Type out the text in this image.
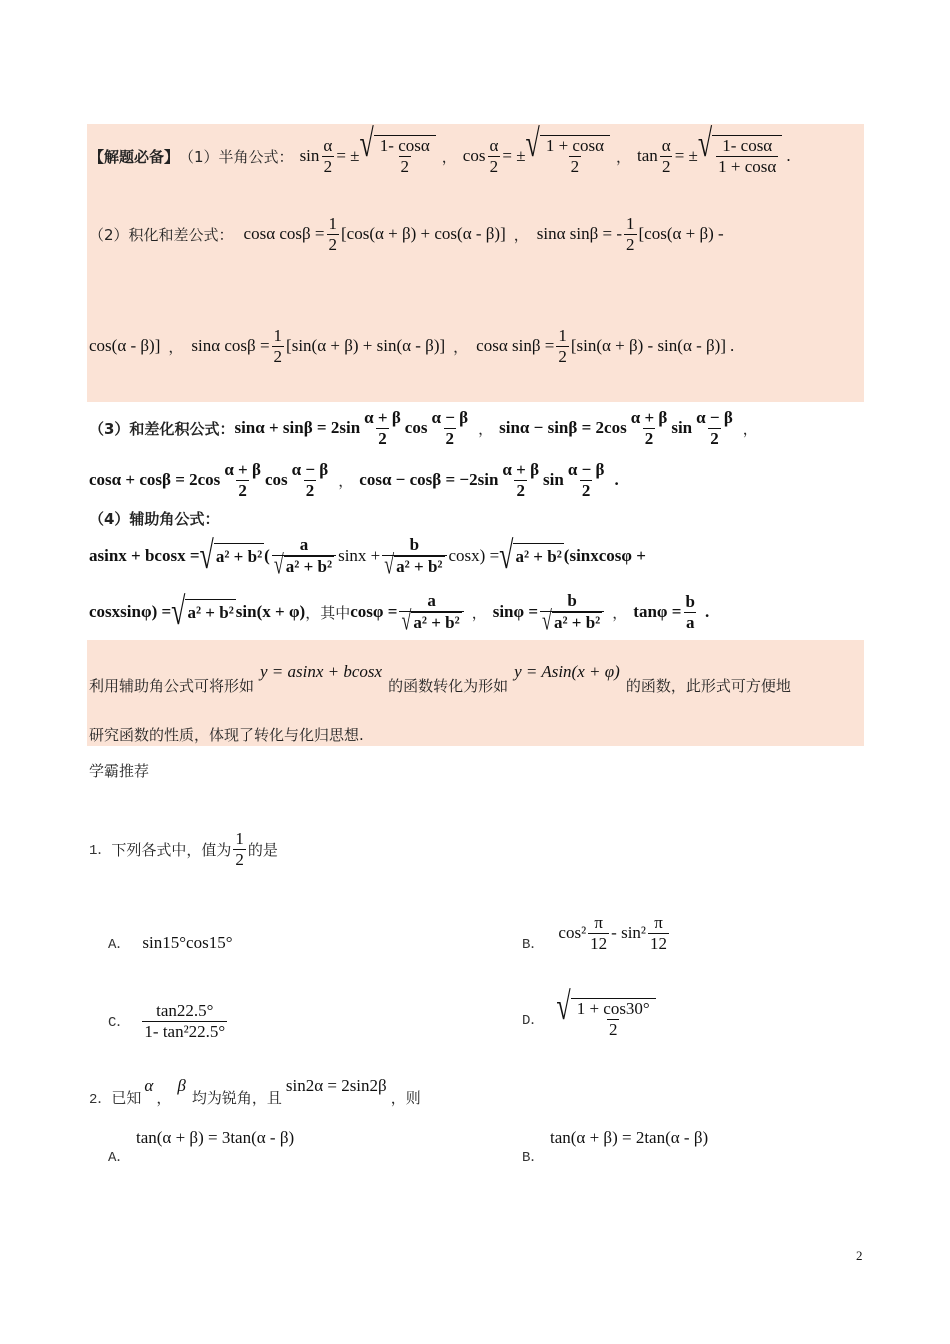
【解题必备】 （1）半角公式： $\sin \frac{\alpha}{2}$ = ± √ $\frac{1- \cos\alpha}{2}$ ， $\cos \frac{\alpha}{2}$ = ± √ $\frac{1 + \cos\alpha}{2}$ ， $\tan \frac{\alpha}{2}$ = ± √ $\frac{1- \cos\alpha}{1 + \cos\alpha}$ .
（2）积化和差公式： cosα $\cos\beta = \frac{1}{2} [\cos(\alpha + \beta) + \cos(\alpha - \beta)]$ ， sinα sinβ = - $\frac{1}{2} [\cos(\alpha + \beta)$ -
cos(α - β)] ， sinα $\cos\beta = \frac{1}{2} [\sin(\alpha + \beta) + \sin(\alpha - \beta)]$ ， cosα $\sin\beta = \frac{1}{2} [\sin(\alpha + \beta) - \sin(\alpha - \beta)]$ .
（3）和差化积公式： $\sin\alpha + \sin\beta = 2\sin \frac{\alpha + \beta}{2}$ $\cos \frac{\alpha - \beta}{2}$ ， $\sin\alpha - \sin\beta = 2\cos \frac{\alpha + \beta}{2}$ $\sin \frac{\alpha - \beta}{2}$ ，
$\cos\alpha + \cos\beta = 2\cos \frac{\alpha + \beta}{2}$ $\cos \frac{\alpha - \beta}{2}$ ， $\cos\alpha - \cos\beta = -2\sin \frac{\alpha + \beta}{2}$ $\sin \frac{\alpha - \beta}{2}$ .
（4）辅助角公式：
asinx + bcosx = √ a² + b² ( $\frac{a}{\text{√ a² + b²}}$ $\sin x + \frac{b}{\text{√ a² + b²}} \cos x$) = √ a² + b² (sinxcosφ +
cosxsinφ) = √ a² + b² sin(x + φ) ，其中 $\cos\varphi = \frac{a}{\text{√ a² + b²}}$ ， $\sin\varphi = \frac{b}{\text{√ a² + b²}}$ ， $\tan\varphi = \frac{b}{a}$ .
利用辅助角公式可将形如
y = asinx + bcosx
的函数转化为形如
y = Asin(x + φ)
的函数，此形式可方便地
研究函数的性质，体现了转化与化归思想.
学霸推荐
1． 下列各式中，值为 $\frac{1}{2}$ 的是
A． sin15°cos15°	B．
$\cos^2 \frac{\pi}{12} - \sin^2 \frac{\pi}{12}$
C． $\frac{\tan 22.5^\circ}{\text{1- tan²22.5°}}$	D． √ $\frac{1 + \cos 30^\circ}{2}$
2． 已知
α
，
β
均为锐角，且
sin2α = 2sin2β
，则
tan(α + β) = 3tan(α - β)
A．
tan(α + β) = 2tan(α - β)
B．
2
